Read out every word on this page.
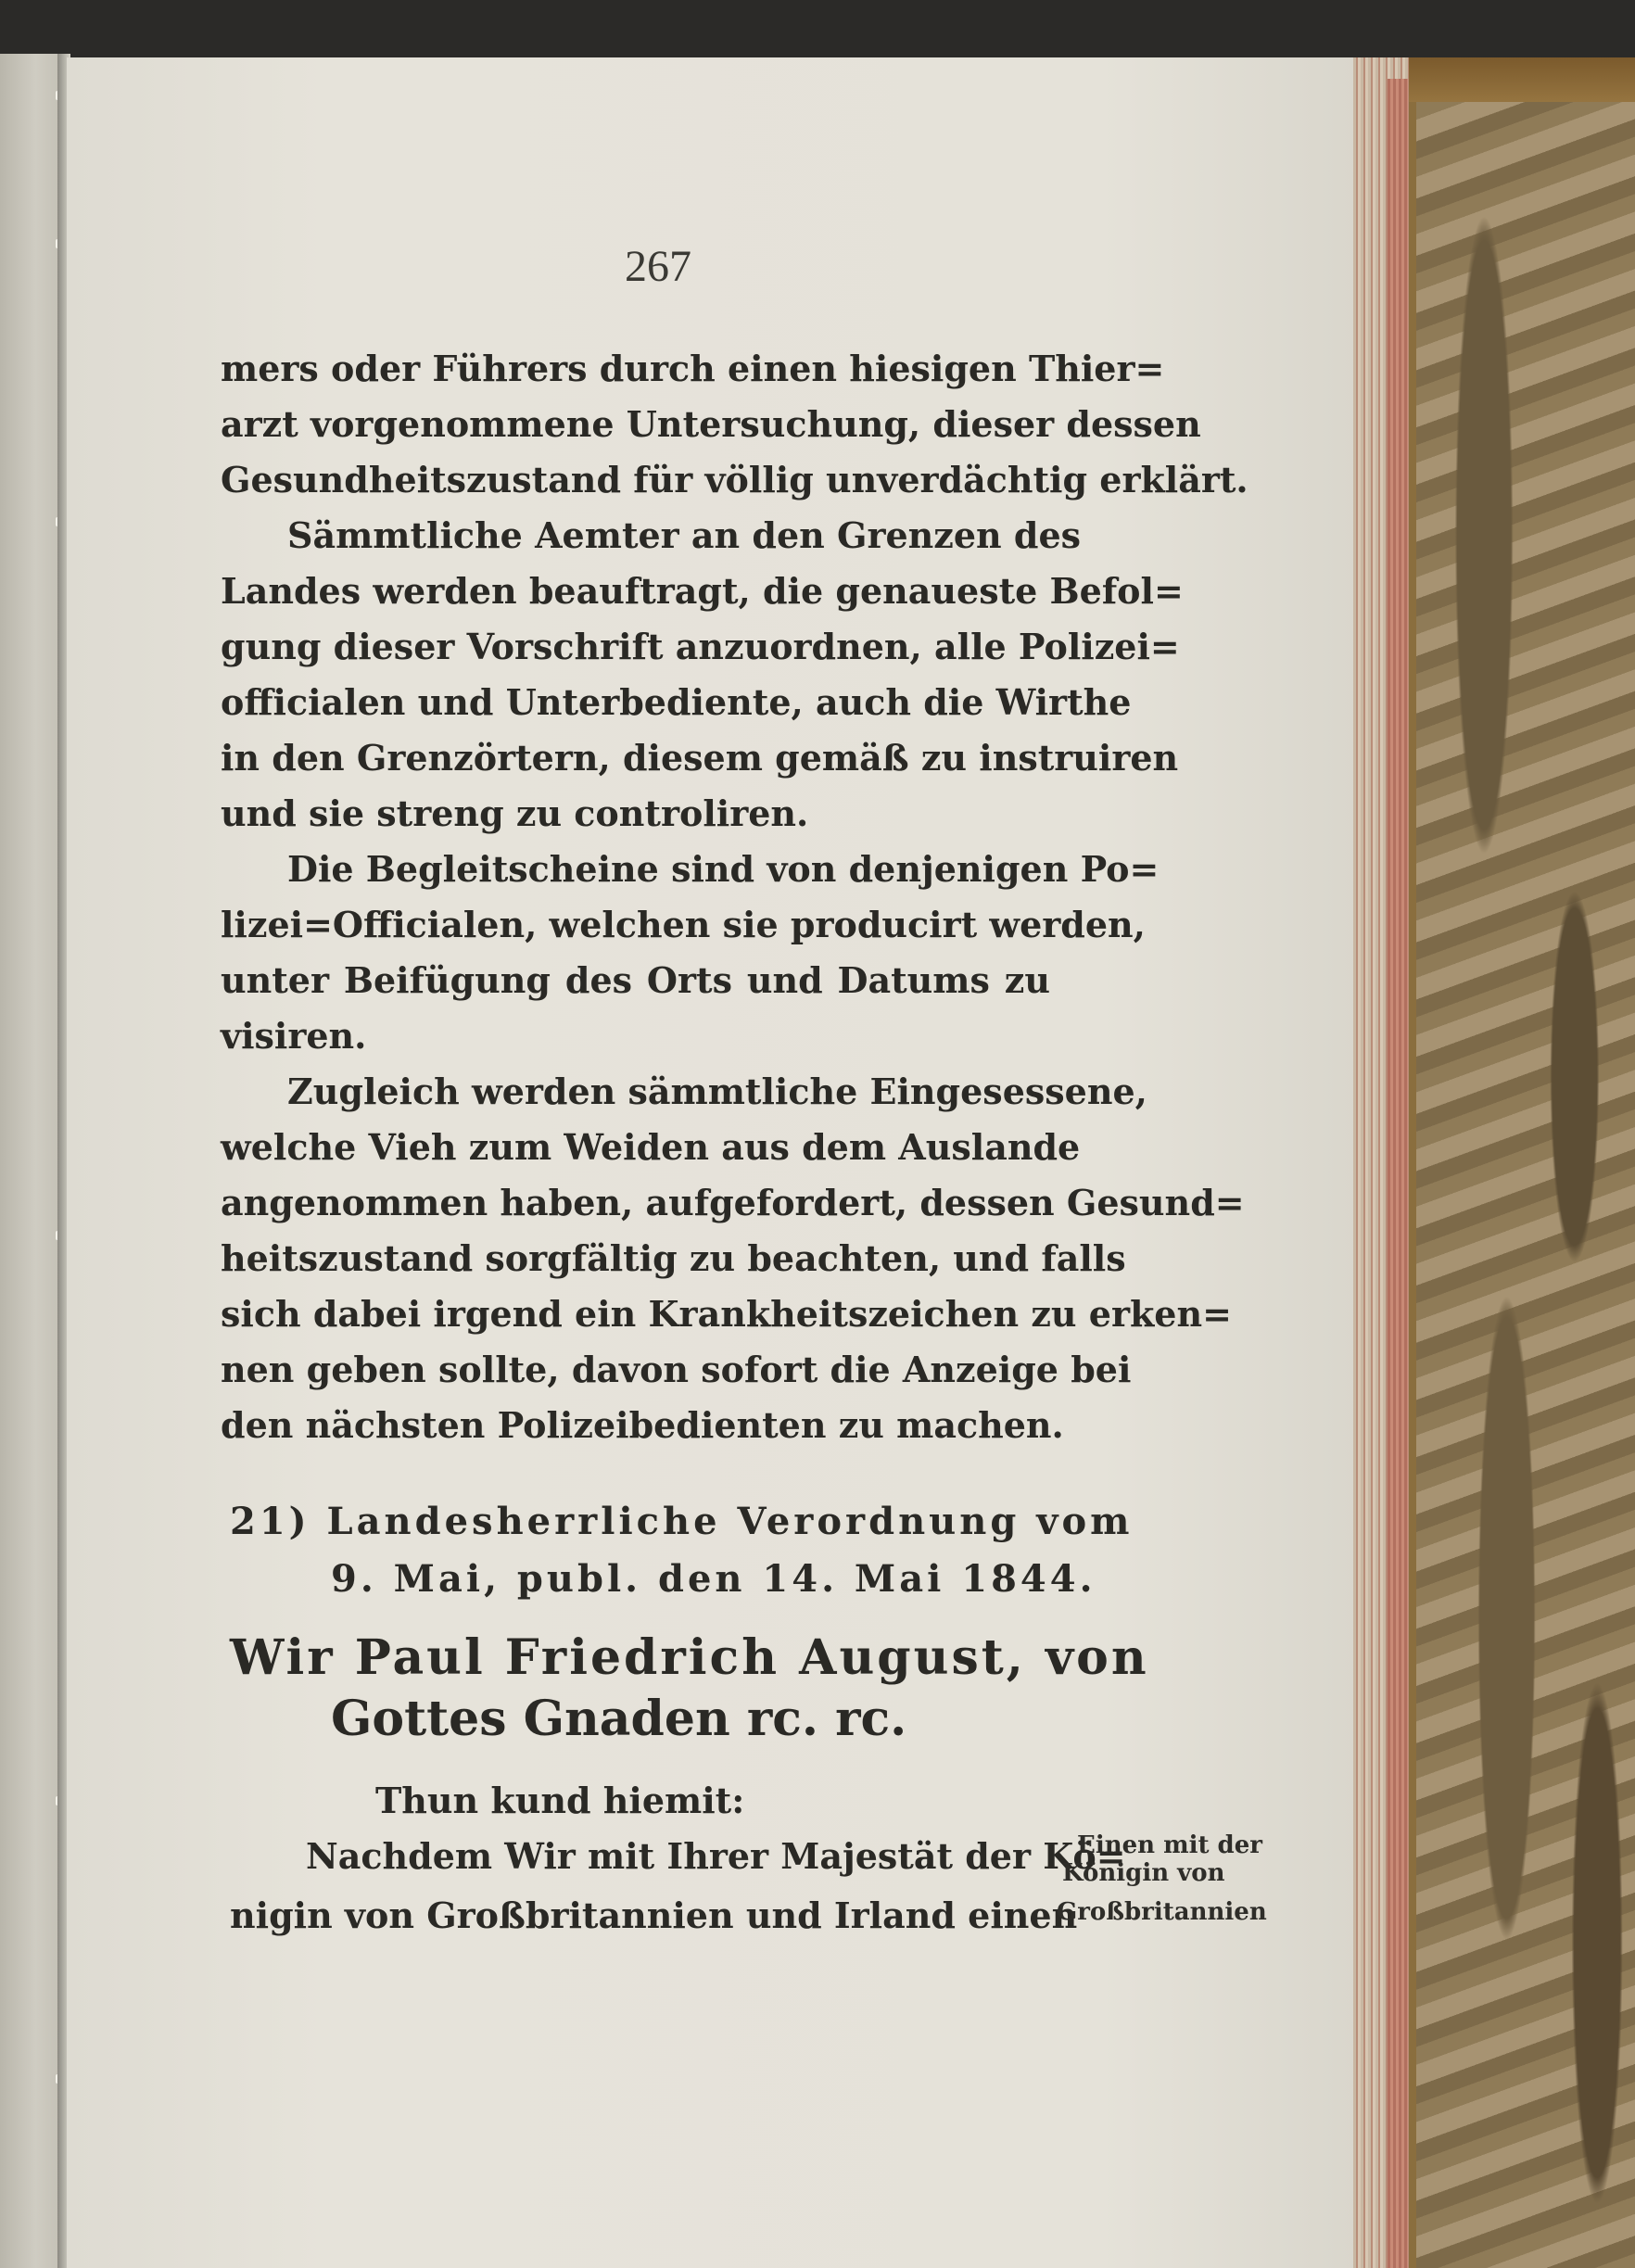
267
mers oder Führers durch einen hiesigen Thier=
arzt vorgenommene Untersuchung, dieser dessen
Gesundheitszustand für völlig unverdächtig erklärt.
Sämmtliche Aemter an den Grenzen des
Landes werden beauftragt, die genaueste Befol=
gung dieser Vorschrift anzuordnen, alle Polizei=
officialen und Unterbediente, auch die Wirthe
in den Grenzörtern, diesem gemäß zu instruiren
und sie streng zu controliren.
Die Begleitscheine sind von denjenigen Po=
lizei=Officialen, welchen sie producirt werden,
unter Beifügung des Orts und Datums zu
visiren.
Zugleich werden sämmtliche Eingesessene,
welche Vieh zum Weiden aus dem Auslande
angenommen haben, aufgefordert, dessen Gesund=
heitszustand sorgfältig zu beachten, und falls
sich dabei irgend ein Krankheitszeichen zu erken=
nen geben sollte, davon sofort die Anzeige bei
den nächsten Polizeibedienten zu machen.
21) Landesherrliche Verordnung vom
9. Mai, publ. den 14. Mai 1844.
Wir Paul Friedrich August, von
Gottes Gnaden rc. rc.
Thun kund hiemit:
Nachdem Wir mit Ihrer Majestät der Kö=
nigin von Großbritannien und Irland einen
Einen mit der
Königin von
Großbritannien
